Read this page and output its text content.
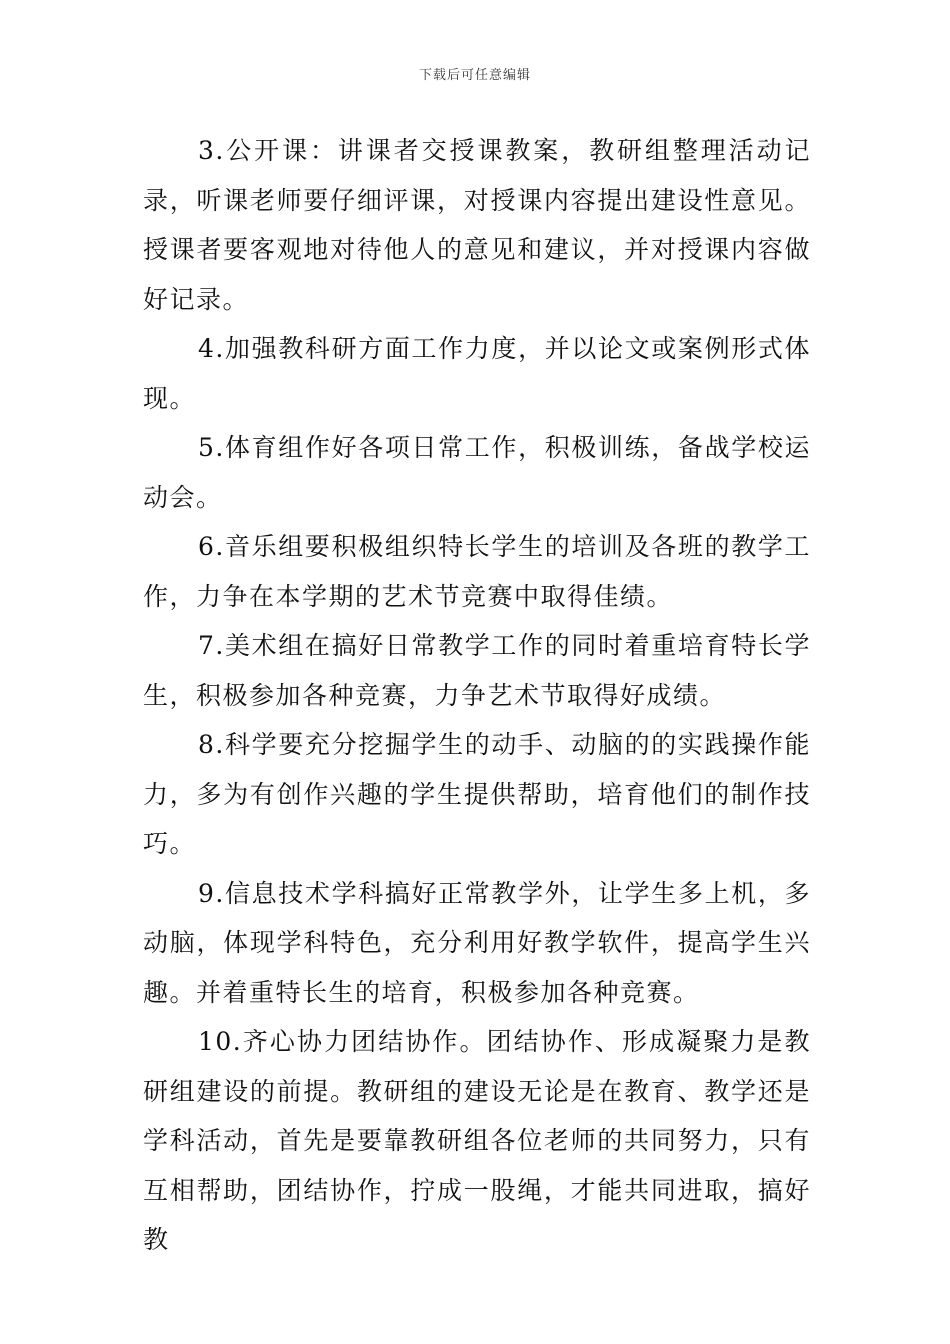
下载后可任意编辑

3.公开课：讲课者交授课教案，教研组整理活动记录，听课老师要仔细评课，对授课内容提出建设性意见。授课者要客观地对待他人的意见和建议，并对授课内容做好记录。

4.加强教科研方面工作力度，并以论文或案例形式体现。

5.体育组作好各项日常工作，积极训练，备战学校运动会。

6.音乐组要积极组织特长学生的培训及各班的教学工作，力争在本学期的艺术节竞赛中取得佳绩。

7.美术组在搞好日常教学工作的同时着重培育特长学生，积极参加各种竞赛，力争艺术节取得好成绩。

8.科学要充分挖掘学生的动手、动脑的的实践操作能力，多为有创作兴趣的学生提供帮助，培育他们的制作技巧。

9.信息技术学科搞好正常教学外，让学生多上机，多动脑，体现学科特色，充分利用好教学软件，提高学生兴趣。并着重特长生的培育，积极参加各种竞赛。

10.齐心协力团结协作。团结协作、形成凝聚力是教研组建设的前提。教研组的建设无论是在教育、教学还是学科活动，首先是要靠教研组各位老师的共同努力，只有互相帮助，团结协作，拧成一股绳，才能共同进取，搞好教
